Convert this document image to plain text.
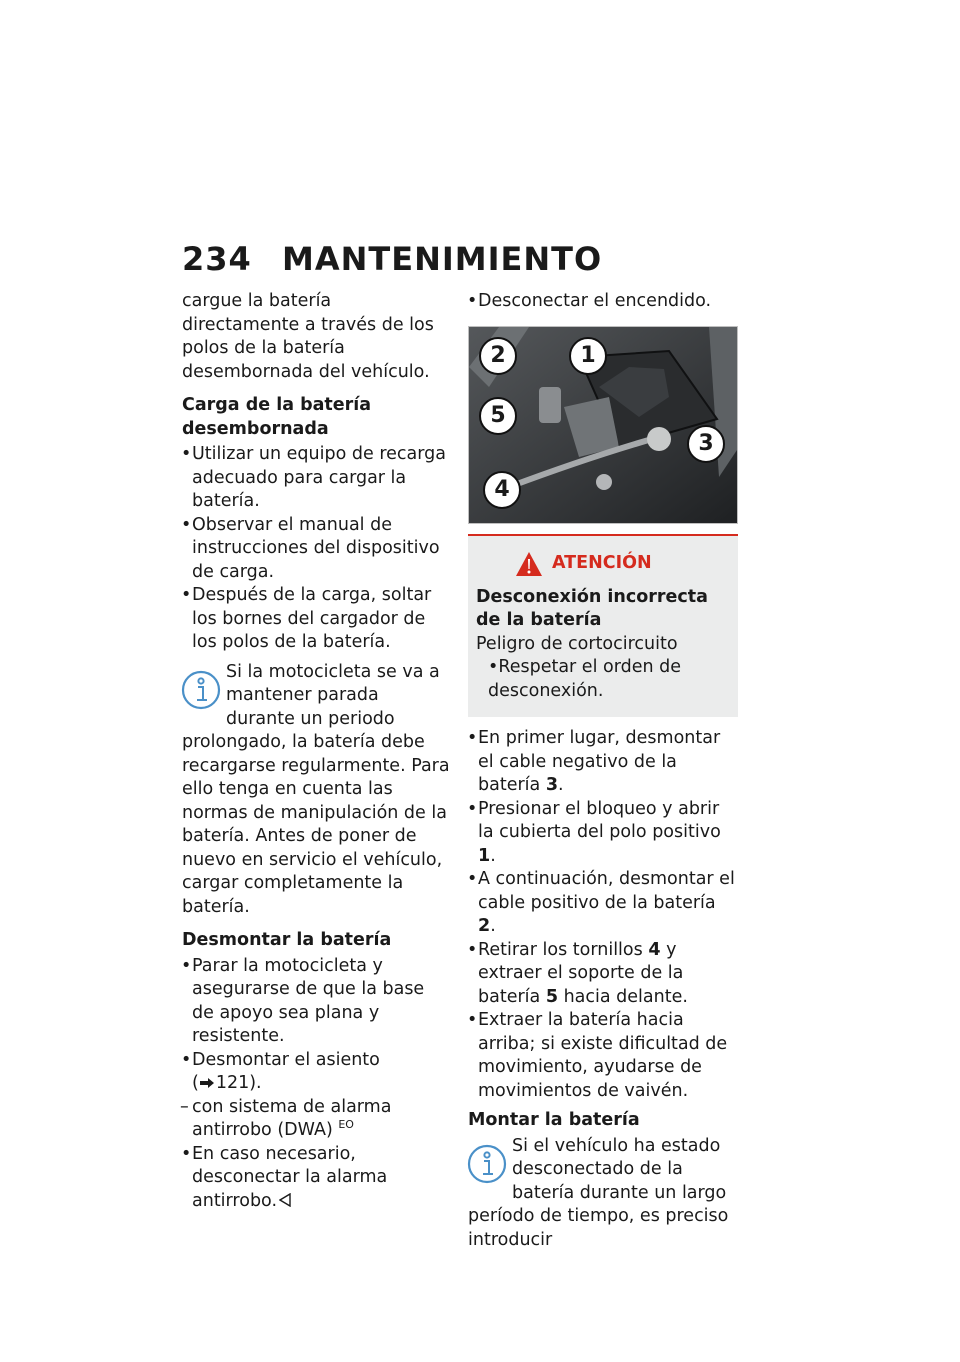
234 MANTENIMIENTO

cargue la batería directamente a través de los polos de la batería desembornada del vehículo.

Carga de la batería desembornada
• Utilizar un equipo de recarga adecuado para cargar la batería.
• Observar el manual de instrucciones del dispositivo de carga.
• Después de la carga, soltar los bornes del cargador de los polos de la batería.

Si la motocicleta se va a mantener parada durante un periodo prolongado, la batería debe recargarse regularmente. Para ello tenga en cuenta las normas de manipulación de la batería. Antes de poner de nuevo en servicio el vehículo, cargar completamente la batería.

Desmontar la batería
• Parar la motocicleta y asegurarse de que la base de apoyo sea plana y resistente.
• Desmontar el asiento
( 121).
– con sistema de alarma antirrobo (DWA) $^{EO}$
• En caso necesario, desconectar la alarma antirrobo.
• Desconectar el encendido.
2	1
5
3
4
ATENCIÓN
Desconexión incorrecta de la batería
Peligro de cortocircuito
• Respetar el orden de desconexión.
• En primer lugar, desmontar el cable negativo de la batería 3.
• Presionar el bloqueo y abrir la cubierta del polo positivo 1.
• A continuación, desmontar el cable positivo de la batería 2.
• Retirar los tornillos 4 y extraer el soporte de la batería 5 hacia delante.
• Extraer la batería hacia arriba; si existe dificultad de movimiento, ayudarse de movimientos de vaivén.
Montar la batería

Si el vehículo ha estado desconectado de la batería durante un largo período de tiempo, es preciso introducir
